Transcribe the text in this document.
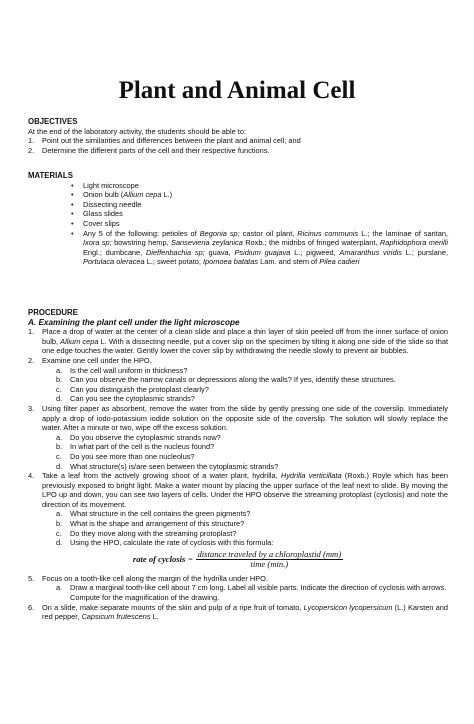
Plant and Animal Cell

OBJECTIVES

At the end of the laboratory activity, the students should be able to:

1. Point out the similarities and differences between the plant and animal cell; and
2. Determine the different parts of the cell and their respective functions.

MATERIALS

• Light microscope
• Onion bulb (Allium cepa L.)
• Dissecting needle
• Glass slides
• Cover slips
• Any 5 of the following: petioles of Begonia sp; castor oil plant, Ricinus communis L.; the laminae of santan, Ixora sp; bowstring hemp, Sansevieria zeylanica Roxb.; the midribs of fringed waterplant, Raphidophora merilli Engl.; dumbcane, Dieffenbachia sp; guava, Psidium guajava L.; pigweed, Amaranthus viridis L.; purslane, Portulaca oleracea L.; sweet potato, Ipomoea batatas Lam. and stem of Pilea cadieri

PROCEDURE

A. Examining the plant cell under the light microscope

1. Place a drop of water at the center of a clean slide and place a thin layer of skin peeled off from the inner surface of onion bulb, Allium cepa L. With a dissecting needle, put a cover slip on the specimen by tilting it along one side of the slide so that one edge touches the water. Gently lower the cover slip by withdrawing the needle slowly to prevent air bubbles.
2. Examine one cell under the HPO.
a. Is the cell wall uniform in thickness?
b. Can you observe the narrow canals or depressions along the walls? If yes, identify these structures.
c. Can you distinguish the protoplast clearly?
d. Can you see the cytoplasmic strands?
3. Using filter paper as absorbent, remove the water from the slide by gently pressing one side of the coverslip. Immediately apply a drop of iodo-potassium iodide solution on the opposite side of the coverslip. The solution will slowly replace the water. After a minute or two, wipe off the excess solution.
a. Do you observe the cytoplasmic strands now?
b. In what part of the cell is the nucleus found?
c. Do you see more than one nucleolus?
d. What structure(s) is/are seen between the cytoplasmic strands?
4. Take a leaf from the actively growing shoot of a water plant, hydrilla, Hydrilla verticillata (Roxb.) Royle which has been previously exposed to bright light. Make a water mount by placing the upper surface of the leaf next to slide. By moving the LPO up and down, you can see two layers of cells. Under the HPO observe the streaming protoplast (cyclosis) and note the direction of its movement.
a. What structure in the cell contains the green pigments?
b. What is the shape and arrangement of this structure?
c. Do they move along with the streaming protoplast?
d. Using the HPO, calculate the rate of cyclosis with this formula:
rate of cyclosis = $\frac{\text{distance traveled by a chloroplastid (mm)}}{\text{time (min.)}}$
5. Focus on a tooth-like cell along the margin of the hydrilla under HPO.
a. Draw a marginal tooth-like cell about 7 cm long. Label all visible parts. Indicate the direction of cyclosis with arrows. Compute for the magnification of the drawing.
6. On a slide, make separate mounts of the skin and pulp of a ripe fruit of tomato, Lycopersicon lycopersicum (L.) Karsten and red pepper, Capsicum frutescens L.
